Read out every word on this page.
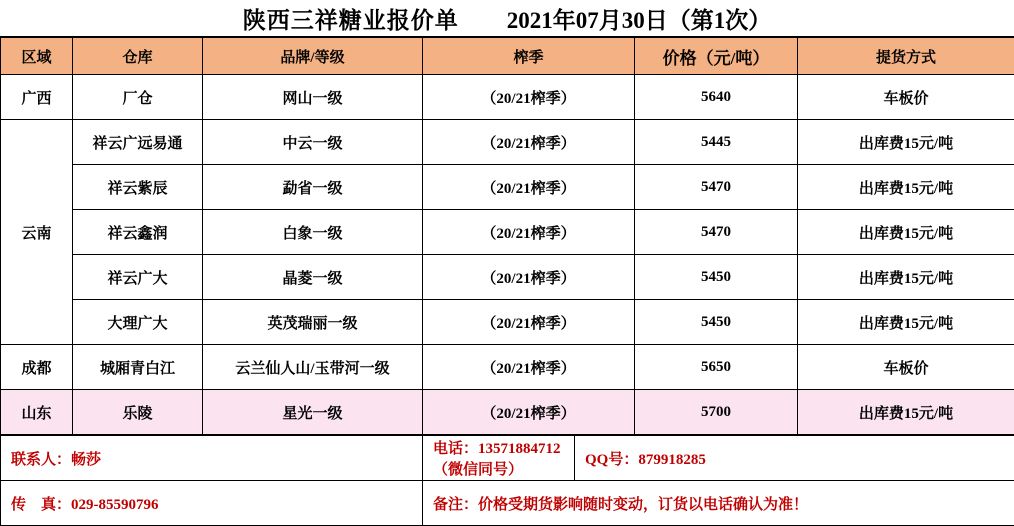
陕西三祥糖业报价单 2021年07月30日（第1次）
区域	仓库	品牌/等级	榨季	价格（元/吨）	提货方式
广西	厂仓	网山一级	（20/21榨季）	5640	车板价
云南	祥云广远易通	中云一级	（20/21榨季）	5445	出库费15元/吨
	祥云紫辰	勐省一级	（20/21榨季）	5470	出库费15元/吨
	祥云鑫润	白象一级	（20/21榨季）	5470	出库费15元/吨
	祥云广大	晶菱一级	（20/21榨季）	5450	出库费15元/吨
	大理广大	英茂瑞丽一级	（20/21榨季）	5450	出库费15元/吨
成都	城厢青白江	云兰仙人山/玉带河一级	（20/21榨季）	5650	车板价
山东	乐陵	星光一级	（20/21榨季）	5700	出库费15元/吨
联系人：畅莎	电话：13571884712（微信同号）	QQ号：879918285
传　真：029-85590796	备注：价格受期货影响随时变动，订货以电话确认为准！	
